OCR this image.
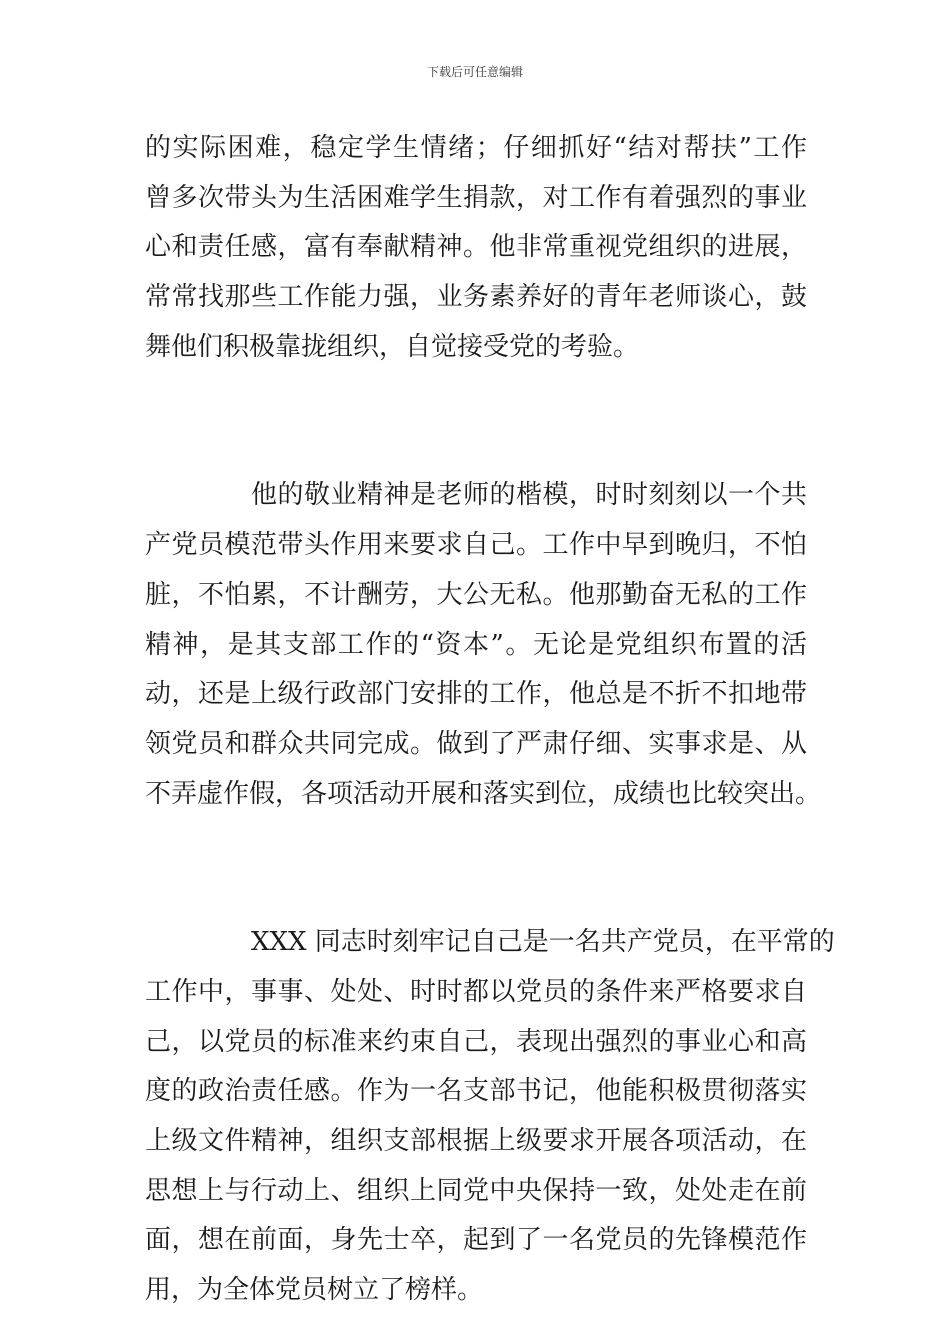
下载后可任意编辑
的实际困难，稳定学生情绪；仔细抓好“结对帮扶”工作
曾多次带头为生活困难学生捐款，对工作有着强烈的事业
心和责任感，富有奉献精神。他非常重视党组织的进展，
常常找那些工作能力强，业务素养好的青年老师谈心，鼓
舞他们积极靠拢组织，自觉接受党的考验。
他的敬业精神是老师的楷模，时时刻刻以一个共
产党员模范带头作用来要求自己。工作中早到晚归，不怕
脏，不怕累，不计酬劳，大公无私。他那勤奋无私的工作
精神，是其支部工作的“资本”。无论是党组织布置的活
动，还是上级行政部门安排的工作，他总是不折不扣地带
领党员和群众共同完成。做到了严肃仔细、实事求是、从
不弄虚作假，各项活动开展和落实到位，成绩也比较突出。
XXX 同志时刻牢记自己是一名共产党员，在平常的
工作中，事事、处处、时时都以党员的条件来严格要求自
己，以党员的标准来约束自己，表现出强烈的事业心和高
度的政治责任感。作为一名支部书记，他能积极贯彻落实
上级文件精神，组织支部根据上级要求开展各项活动，在
思想上与行动上、组织上同党中央保持一致，处处走在前
面，想在前面，身先士卒，起到了一名党员的先锋模范作
用，为全体党员树立了榜样。
